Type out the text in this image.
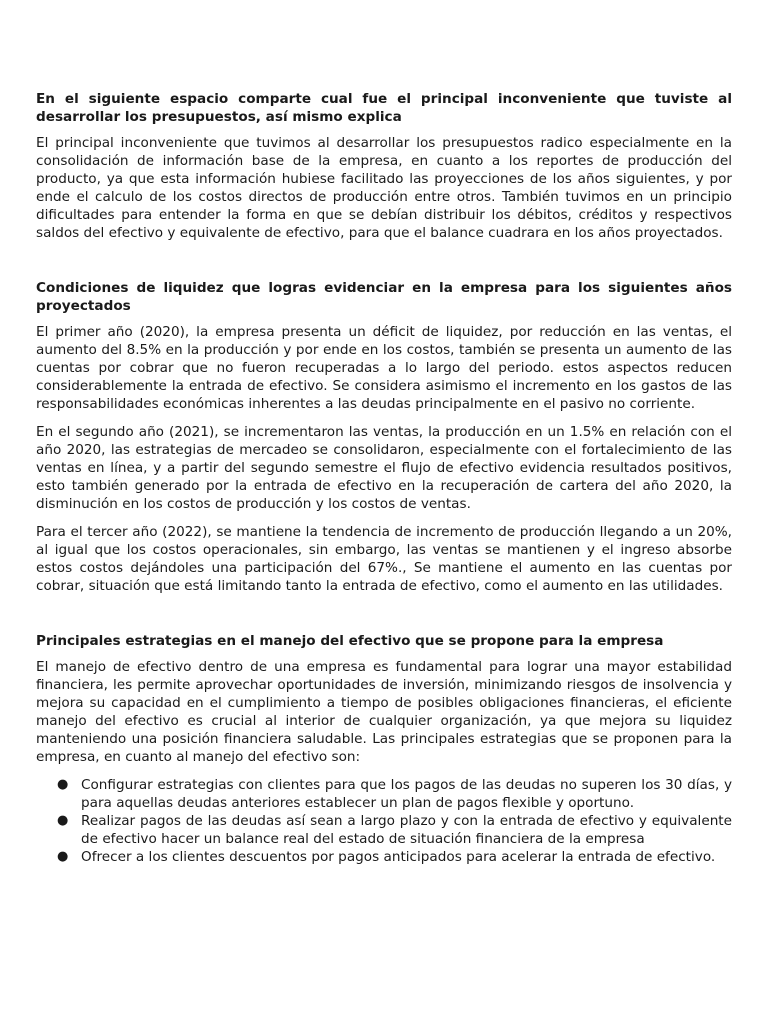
En el siguiente espacio comparte cual fue el principal inconveniente que tuviste al desarrollar los presupuestos, así mismo explica

El principal inconveniente que tuvimos al desarrollar los presupuestos radico especialmente en la consolidación de información base de la empresa, en cuanto a los reportes de producción del producto, ya que esta información hubiese facilitado las proyecciones de los años siguientes, y por ende el calculo de los costos directos de producción entre otros. También tuvimos en un principio dificultades para entender la forma en que se debían distribuir los débitos, créditos y respectivos saldos del efectivo y equivalente de efectivo, para que el balance cuadrara en los años proyectados.

Condiciones de liquidez que logras evidenciar en la empresa para los siguientes años proyectados

El primer año (2020), la empresa presenta un déficit de liquidez, por reducción en las ventas, el aumento del 8.5% en la producción y por ende en los costos, también se presenta un aumento de las cuentas por cobrar que no fueron recuperadas a lo largo del periodo. estos aspectos reducen considerablemente la entrada de efectivo. Se considera asimismo el incremento en los gastos de las responsabilidades económicas inherentes a las deudas principalmente en el pasivo no corriente.

En el segundo año (2021), se incrementaron las ventas, la producción en un 1.5% en relación con el año 2020, las estrategias de mercadeo se consolidaron, especialmente con el fortalecimiento de las ventas en línea, y a partir del segundo semestre el flujo de efectivo evidencia resultados positivos, esto también generado por la entrada de efectivo en la recuperación de cartera del año 2020, la disminución en los costos de producción y los costos de ventas.

Para el tercer año (2022), se mantiene la tendencia de incremento de producción llegando a un 20%, al igual que los costos operacionales, sin embargo, las ventas se mantienen y el ingreso absorbe estos costos dejándoles una participación del 67%., Se mantiene el aumento en las cuentas por cobrar, situación que está limitando tanto la entrada de efectivo, como el aumento en las utilidades.

Principales estrategias en el manejo del efectivo que se propone para la empresa

El manejo de efectivo dentro de una empresa es fundamental para lograr una mayor estabilidad financiera, les permite aprovechar oportunidades de inversión, minimizando riesgos de insolvencia y mejora su capacidad en el cumplimiento a tiempo de posibles obligaciones financieras, el eficiente manejo del efectivo es crucial al interior de cualquier organización, ya que mejora su liquidez manteniendo una posición financiera saludable. Las principales estrategias que se proponen para la empresa, en cuanto al manejo del efectivo son:

● Configurar estrategias con clientes para que los pagos de las deudas no superen los 30 días, y para aquellas deudas anteriores establecer un plan de pagos flexible y oportuno.
● Realizar pagos de las deudas así sean a largo plazo y con la entrada de efectivo y equivalente de efectivo hacer un balance real del estado de situación financiera de la empresa
● Ofrecer a los clientes descuentos por pagos anticipados para acelerar la entrada de efectivo.
